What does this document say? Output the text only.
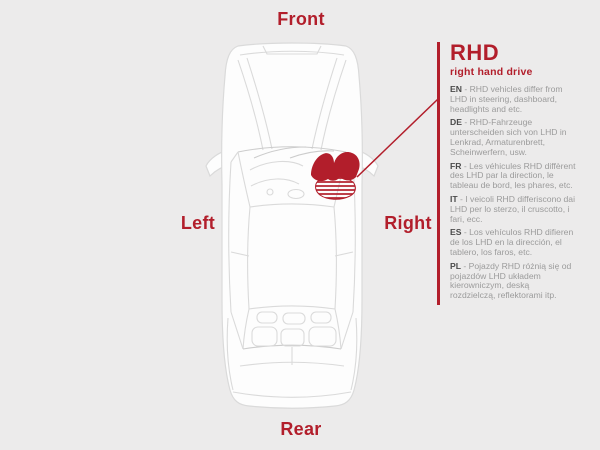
Front
Rear
Left	Right
RHD
right hand drive

EN - RHD vehicles differ from LHD in steering, dashboard, headlights and etc.

DE - RHD-Fahrzeuge unterscheiden sich von LHD in Lenkrad, Armaturenbrett, Scheinwerfern, usw.

FR - Les véhicules RHD diffèrent des LHD par la direction, le tableau de bord, les phares, etc.

IT - I veicoli RHD differiscono dai LHD per lo sterzo, il cruscotto, i fari, ecc.

ES - Los vehículos RHD difieren de los LHD en la dirección, el tablero, los faros, etc.

PL - Pojazdy RHD różnią się od pojazdów LHD układem kierowniczym, deską rozdzielczą, reflektorami itp.
